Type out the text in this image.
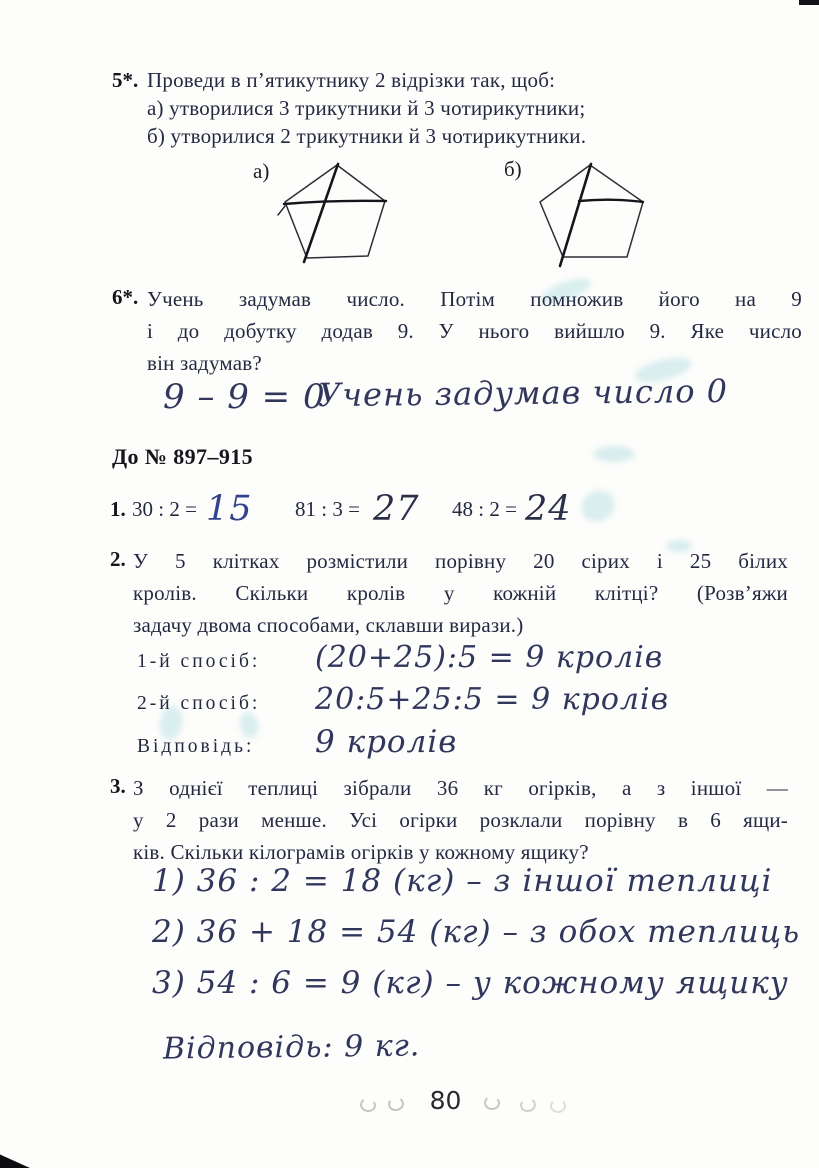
5*. Проведи в п’ятикутнику 2 відрізки так, щоб:
а) утворилися 3 трикутники й 3 чотирикутники;
б) утворилися 2 трикутники й 3 чотирикутники.
а)	б)
6*. Учень задумав число. Потім помножив його на 9
і до добутку додав 9. У нього вийшло 9. Яке число
він задумав?
9 – 9 = 0
Учень задумав число 0
До № 897–915
1. 30 : 2 = 15 81 : 3 = 27 48 : 2 = 24
2. У 5 клітках розмістили порівну 20 сірих і 25 білих
кролів. Скільки кролів у кожній клітці? (Розв’яжи
задачу двома способами, склавши вирази.)
1-й спосіб:	(20+25):5 = 9 кролів
2-й спосіб:	20:5+25:5 = 9 кролів
Відповідь:	9 кролів
3. З однієї теплиці зібрали 36 кг огірків, а з іншої —
у 2 рази менше. Усі огірки розклали порівну в 6 ящи-
ків. Скільки кілограмів огірків у кожному ящику?
1) 36 : 2 = 18 (кг) – з іншої теплиці
2) 36 + 18 = 54 (кг) – з обох теплиць
3) 54 : 6 = 9 (кг) – у кожному ящику
Відповідь: 9 кг.
80
